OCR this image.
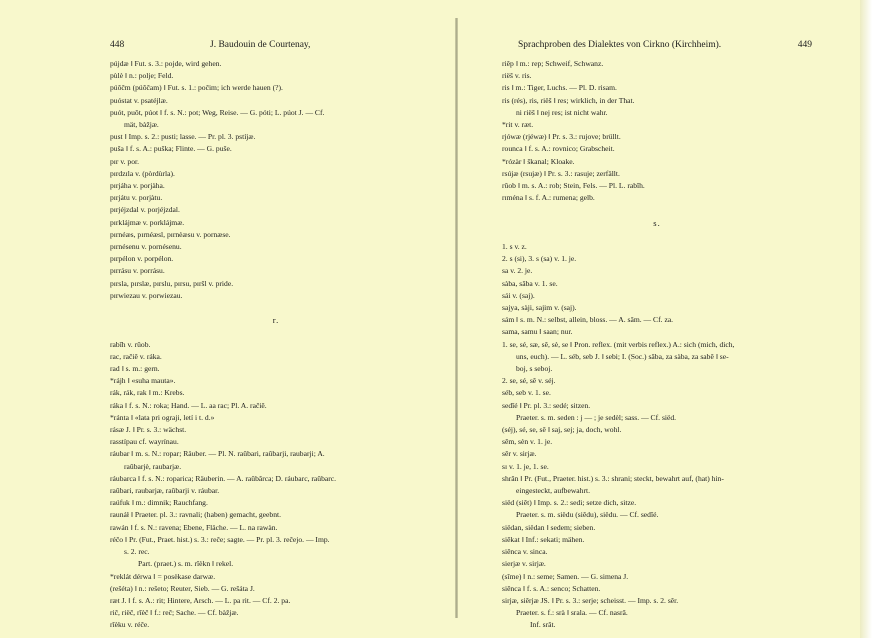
448	J. Baudouin de Courtenay,
pújdæ ‖ Fut. s. 3.: pojde, wird gehen.
pùlè ‖ n.: polje; Feld.
púõčm (púõčam) ‖ Fut. s. 1.: počim; ich werde hauen (?).
puóstat v. psatéjlæ.
puót, puôt, púot ‖ f. s. N.: pot; Weg, Reise. — G. póti; L. púot J. — Cf.
mät, bàžjæ.
pust ‖ Imp. s. 2.: pusti; lasse. — Pr. pl. 3. pstíjæ.
puša ‖ f. s. A.: puška; Flinte. — G. puše.
pɪr v. por.
pɪrdzɪla v. (pòrdùrla).
pɪrjáha v. porjàha.
pɪrjátu v. porjàtu.
pɪrjéjzdal v. porjéjzdal.
pɪrklájmæ v. porklájmæ.
pɪrnéæs, pɪrnéæsl, pɪrnèæsu v. pornæse.
pɪrnésenu v. pornésenu.
pɪrpélon v. porpélon.
pɪrrásu v. porrásu.
pɪrsla, pɪrslæ, pɪrslu, pɪrsu, pɪršl v. pride.
pɪrwiezau v. porwiezau.
r.
rabîh v. rûob.
rac, račiê v. ráka.
rad ‖ s. m.: gern.
*rájh ‖ «suha mauta».
rák, rák, rak ‖ m.: Krebs.
ráka ‖ f. s. N.: roka; Hand. — L. aa rac; Pl. A. račiê.
*ránta ‖ «lata pri ograji, letí i t. d.»
rásæ J. ‖ Pr. s. 3.: wächst.
rasstípau cf. wayrínau.
ráubar ‖ m. s. N.: ropar; Räuber. — Pl. N. raûbari, raûbarji, raubarji; A.
raûbarjè, raubarjæ.
ráubarca ‖ f. s. N.: roparica; Räuberin. — A. raûbârca; D. ráubarc, raûbarc.
raûbari, raubarjæ, raûbarji v. ráubar.
raúfuk ‖ m.: dimnik; Rauchfang.
raunáł ‖ Praeter. pl. 3.: ravnali; (haben) gemacht, geebnt.
rawán ‖ f. s. N.: ravena; Ebene, Fläche. — L. na rawàn.
réčo ‖ Pr. (Fut., Praet. hist.) s. 3.: reče; sagte. — Pr. pl. 3. rečejo. — Imp.
s. 2. rec.
Part. (praet.) s. m. rîèkn ‖ rekel.
*reklát dérwa ‖ = posèkase darwæ.
(rešéta) ‖ n.: rešeto; Reuter, Sieb. — G. rešáta J.
ræt J. ‖ f. s. A.: rit; Hintere, Arsch. — L. pa rit. — Cf. 2. pa.
rič, riëč, rīèč ‖ f.: reč; Sache. — Cf. bàžjæ.
rîèku v. réče.
Sprachproben des Dialektes von Cirkno (Kirchheim).	449
riêp ‖ m.: rep; Schweif, Schwanz.
riëš v. ris.
ris ‖ m.: Tiger, Luchs. — Pl. D. risam.
ris (rés), ris, riëš ‖ res; wirklich, in der That.
ni riëš ‖ nej res; ist nicht wahr.
*rit v. ræt.
rjówæ (rjéwæ) ‖ Pr. s. 3.: rujove; brüllt.
rounca ‖ f. s. A.: rovnico; Grabscheit.
*rózàr ‖ škanal; Kloake.
rsújæ (rsujæ) ‖ Pr. s. 3.: rasuje; zerfällt.
rûob ‖ m. s. A.: rob; Stein, Fels. — Pl. L. rabîh.
rɪména ‖ s. f. A.: rumena; gelb.
s.
1. s v. z.
2. s (si), 3. s (sa) v. 1. je.
sa v. 2. je.
sàba, sâba v. 1. se.
sái v. (saj).
sajya, sàji, sajim v. (saj).
sám ‖ s. m. N.: selbst, allein, bloss. — A. sâm. — Cf. za.
sama, samu ‖ saan; nur.
1. se, sé, sæ, sê, sè, se ‖ Pron. reflex. (mit verbis reflex.) A.: sich (mich, dich,
uns, euch). — L. séb, seb J. ‖ sebi; I. (Soc.) sâba, za sàba, za sabê ‖ se-
boj, s seboj.
2. se, sé, sê v. séj.
séb, seb v. 1. se.
sedîé ‖ Pr. pl. 3.: sedé; sitzen.
Praeter. s. m. seden : j — ; je sedèl; sass. — Cf. siëd.
(séj), sé, se, sê ‖ saj, sej; ja, doch, wohl.
sêm, sèn v. 1. je.
sêr v. sirjæ.
sɪ v. 1. je, 1. se.
shrân ‖ Pr. (Fut., Praeter. hist.) s. 3.: shrani; steckt, bewahrt auf, (hat) hin-
eingesteckt, aufbewahrt.
siëd (siêt) ‖ Imp. s. 2.: sedi; setze dich, sitze.
Praeter. s. m. siëdu (siêdu), siëdu. — Cf. sedîé.
siëdan, siëdan ‖ sedem; sieben.
siêkat ‖ Inf.: sekati; mähen.
siênca v. sinca.
sierjæ v. sirjæ.
(sîme) ‖ n.: seme; Samen. — G. simena J.
siênca ‖ f. s. A.: senco; Schatten.
sirjæ, siêrjæ JS. ‖ Pr. s. 3.: serje; scheisst. — Imp. s. 2. sêr.
Praeter. s. f.: srà ‖ srala. — Cf. nasrâ.
Inf. srât.
